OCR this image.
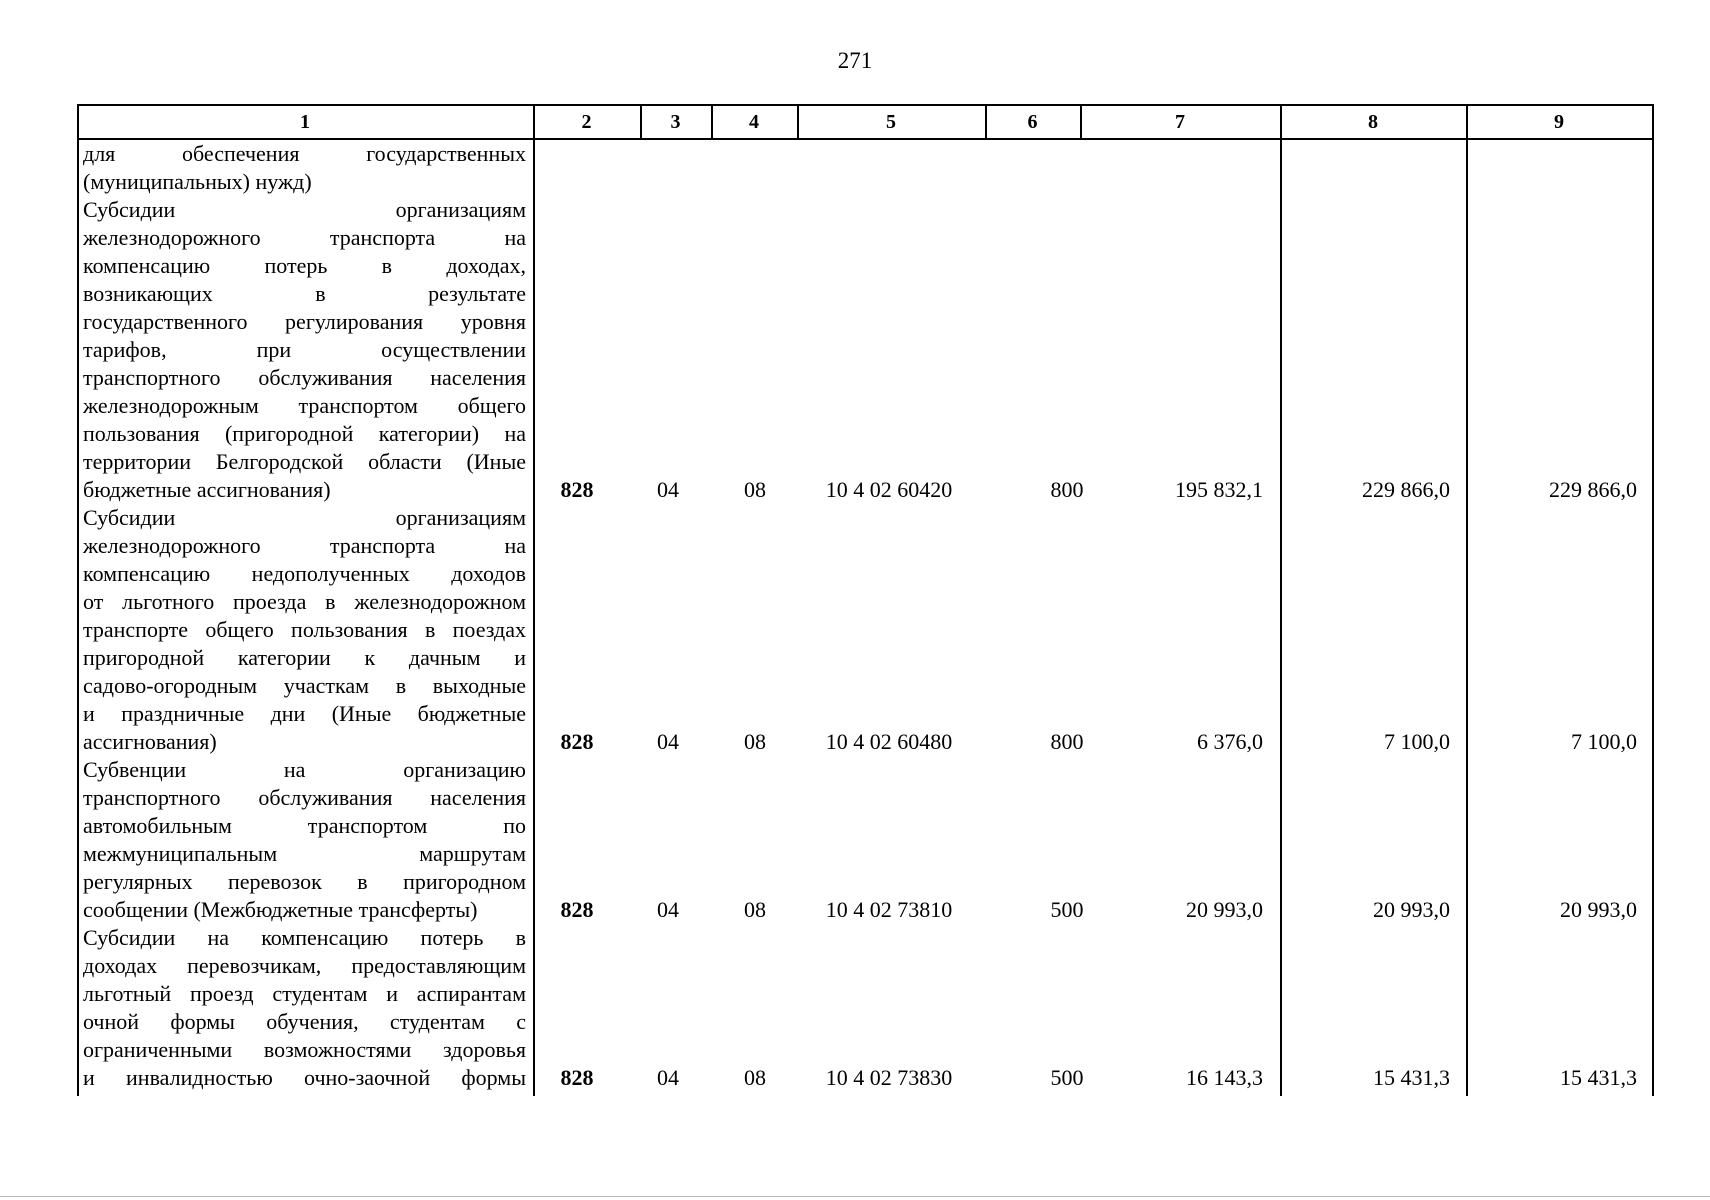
271
1	2	3	4	5	6	7	8	9
для обеспечения государственных
(муниципальных) нужд)
Субсидии организациям
железнодорожного транспорта на
компенсацию потерь в доходах,
возникающих в результате
государственного регулирования уровня
тарифов, при осуществлении
транспортного обслуживания населения
железнодорожным транспортом общего
пользования (пригородной категории) на
территории Белгородской области (Иные
бюджетные ассигнования)	828	04	08	10 4 02 60420	800	195 832,1	229 866,0	229 866,0
Субсидии организациям
железнодорожного транспорта на
компенсацию недополученных доходов
от льготного проезда в железнодорожном
транспорте общего пользования в поездах
пригородной категории к дачным и
садово-огородным участкам в выходные
и праздничные дни (Иные бюджетные
ассигнования)	828	04	08	10 4 02 60480	800	6 376,0	7 100,0	7 100,0
Субвенции на организацию
транспортного обслуживания населения
автомобильным транспортом по
межмуниципальным маршрутам
регулярных перевозок в пригородном
сообщении (Межбюджетные трансферты)	828	04	08	10 4 02 73810	500	20 993,0	20 993,0	20 993,0
Субсидии на компенсацию потерь в
доходах перевозчикам, предоставляющим
льготный проезд студентам и аспирантам
очной формы обучения, студентам с
ограниченными возможностями здоровья
и инвалидностью очно-заочной формы	828	04	08	10 4 02 73830	500	16 143,3	15 431,3	15 431,3
